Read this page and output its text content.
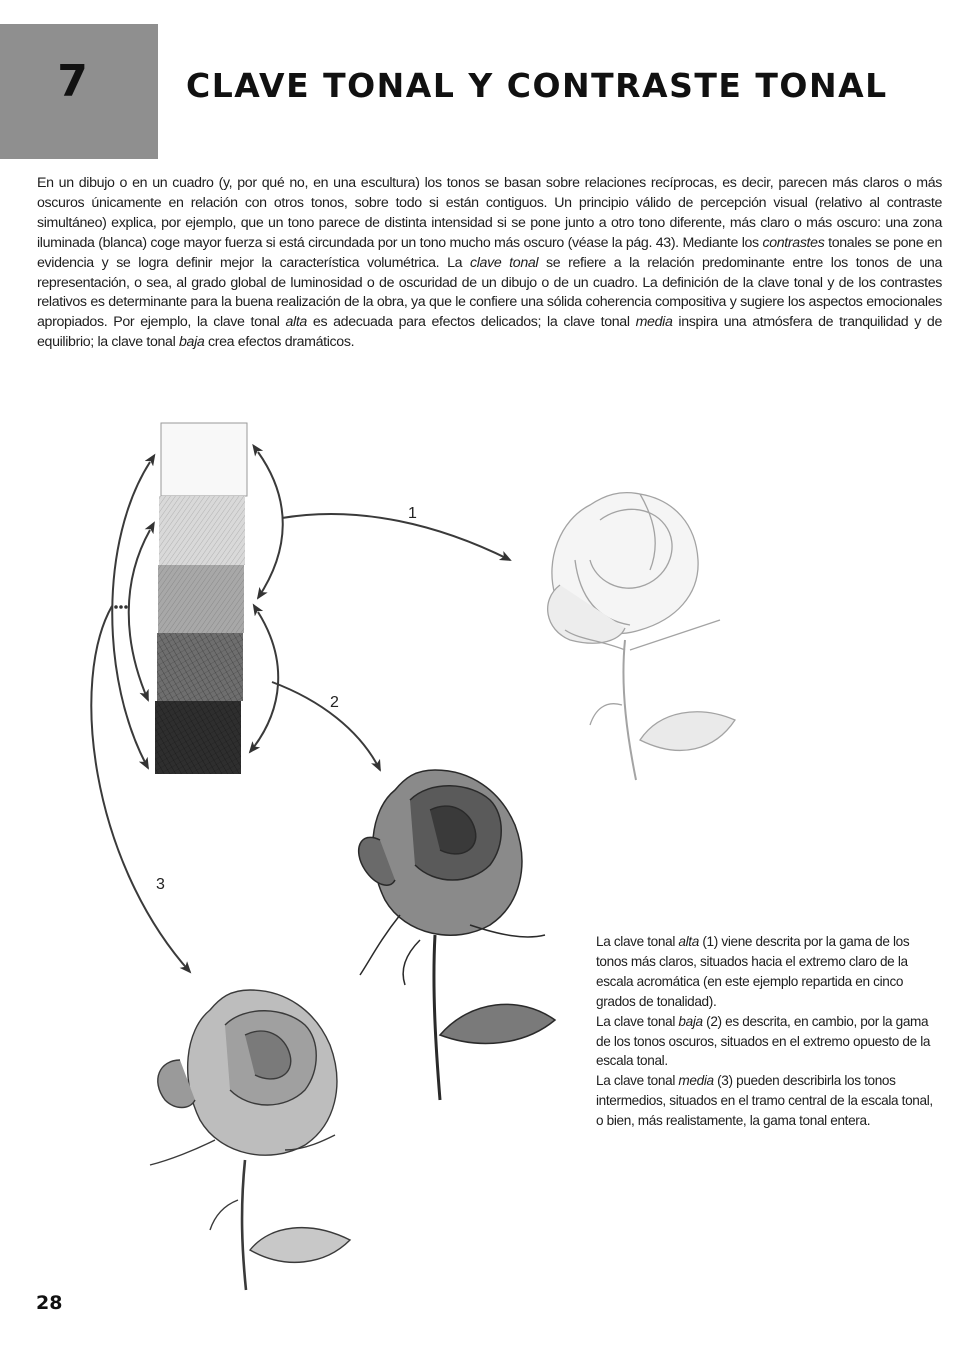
7	CLAVE TONAL Y CONTRASTE TONAL

En un dibujo o en un cuadro (y, por qué no, en una escultura) los tonos se basan sobre relaciones recíprocas, es decir, parecen más claros o más oscuros únicamente en relación con otros tonos, sobre todo si están contiguos. Un principio válido de percepción visual (relativo al contraste simultáneo) explica, por ejemplo, que un tono parece de distinta intensidad si se pone junto a otro tono diferente, más claro o más oscuro: una zona iluminada (blanca) coge mayor fuerza si está circundada por un tono mucho más oscuro (véase la pág. 43). Mediante los contrastes tonales se pone en evidencia y se logra definir mejor la característica volumétrica. La clave tonal se refiere a la relación predominante entre los tonos de una representación, o sea, al grado global de luminosidad o de oscuridad de un dibujo o de un cuadro. La definición de la clave tonal y de los contrastes relativos es determinante para la buena realización de la obra, ya que le confiere una sólida coherencia compositiva y sugiere los aspectos emocionales apropiados. Por ejemplo, la clave tonal alta es adecuada para efectos delicados; la clave tonal media inspira una atmósfera de tranquilidad y de equilibrio; la clave tonal baja crea efectos dramáticos.

1
2
3

La clave tonal alta (1) viene descrita por la gama de los tonos más claros, situados hacia el extremo claro de la escala acromática (en este ejemplo repartida en cinco grados de tonalidad).

La clave tonal baja (2) es descrita, en cambio, por la gama de los tonos oscuros, situados en el extremo opuesto de la escala tonal.

La clave tonal media (3) pueden describirla los tonos intermedios, situados en el tramo central de la escala tonal, o bien, más realistamente, la gama tonal entera.

28
